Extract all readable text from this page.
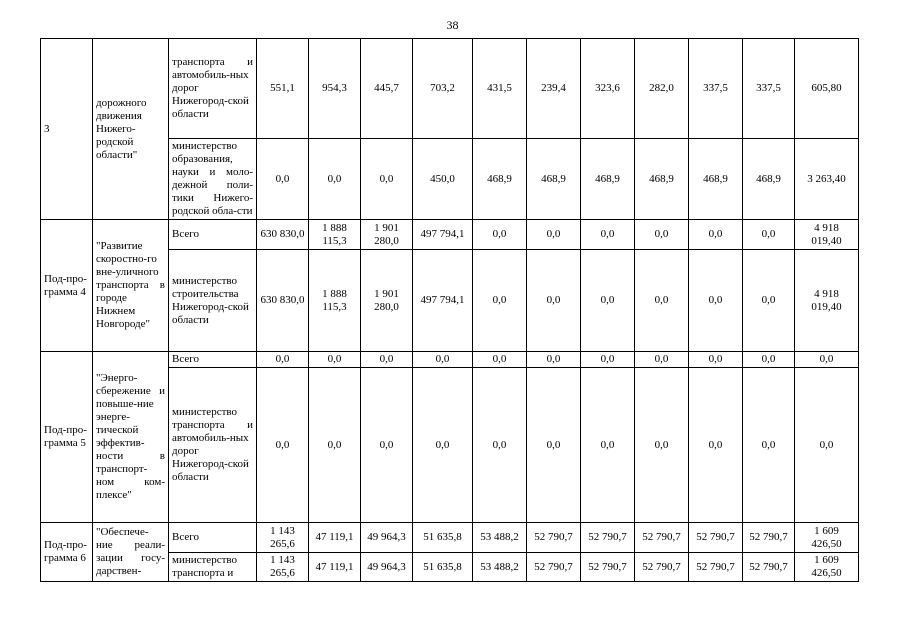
38
3	дорожного движения Нижего-родской области"	транспорта и автомобиль-ных дорог Нижегород-ской области	551,1	954,3	445,7	703,2	431,5	239,4	323,6	282,0	337,5	337,5	605,80
		министерство образования, науки и моло-дежной поли-тики Нижего-родской обла-сти	0,0	0,0	0,0	450,0	468,9	468,9	468,9	468,9	468,9	468,9	3 263,40
Под-про-грамма 4	"Развитие скоростно-го вне-уличного транспорта в городе Нижнем Новгороде"	Всего	630 830,0	1 888 115,3	1 901 280,0	497 794,1	0,0	0,0	0,0	0,0	0,0	0,0	4 918 019,40
		министерство строительства Нижегород-ской области	630 830,0	1 888 115,3	1 901 280,0	497 794,1	0,0	0,0	0,0	0,0	0,0	0,0	4 918 019,40
Под-про-грамма 5	"Энерго-сбережение и повыше-ние энерге-тической эффектив-ности в транспорт-ном ком-плексе"	Всего	0,0	0,0	0,0	0,0	0,0	0,0	0,0	0,0	0,0	0,0	0,0
		министерство транспорта и автомобиль-ных дорог Нижегород-ской области	0,0	0,0	0,0	0,0	0,0	0,0	0,0	0,0	0,0	0,0	0,0
Под-про-грамма 6	"Обеспече-ние реали-зации госу-дарствен-	Всего	1 143 265,6	47 119,1	49 964,3	51 635,8	53 488,2	52 790,7	52 790,7	52 790,7	52 790,7	52 790,7	1 609 426,50
		министерство транспорта и	1 143 265,6	47 119,1	49 964,3	51 635,8	53 488,2	52 790,7	52 790,7	52 790,7	52 790,7	52 790,7	1 609 426,50
